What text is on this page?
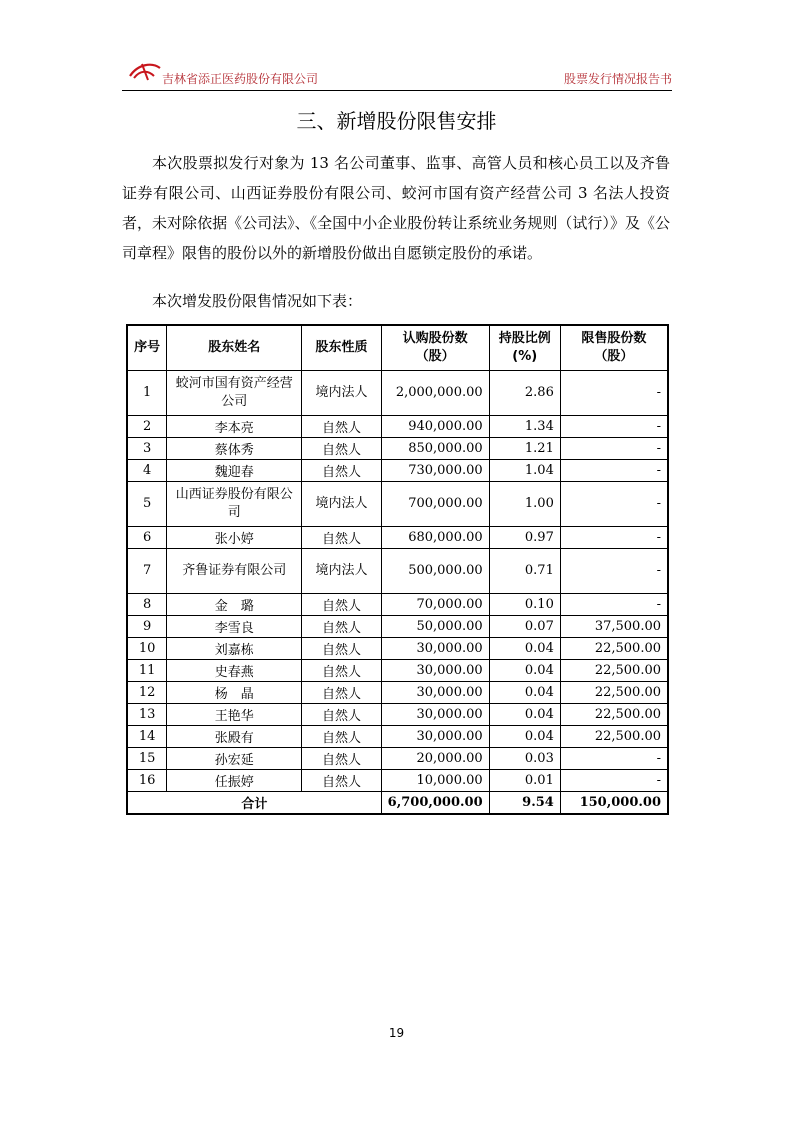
吉林省添正医药股份有限公司	股票发行情况报告书
三、新增股份限售安排
本次股票拟发行对象为 13 名公司董事、监事、高管人员和核心员工以及齐鲁证券有限公司、山西证券股份有限公司、蛟河市国有资产经营公司 3 名法人投资者，未对除依据《公司法》、《全国中小企业股份转让系统业务规则（试行）》及《公司章程》限售的股份以外的新增股份做出自愿锁定股份的承诺。
本次增发股份限售情况如下表：
序号	股东姓名	股东性质	认购股份数（股）	持股比例(%)	限售股份数（股）
1	蛟河市国有资产经营公司	境内法人	2,000,000.00	2.86	-
2	李本亮	自然人	940,000.00	1.34	-
3	蔡体秀	自然人	850,000.00	1.21	-
4	魏迎春	自然人	730,000.00	1.04	-
5	山西证券股份有限公司	境内法人	700,000.00	1.00	-
6	张小婷	自然人	680,000.00	0.97	-
7	齐鲁证券有限公司	境内法人	500,000.00	0.71	-
8	金　璐	自然人	70,000.00	0.10	-
9	李雪良	自然人	50,000.00	0.07	37,500.00
10	刘嘉栋	自然人	30,000.00	0.04	22,500.00
11	史春燕	自然人	30,000.00	0.04	22,500.00
12	杨　晶	自然人	30,000.00	0.04	22,500.00
13	王艳华	自然人	30,000.00	0.04	22,500.00
14	张殿有	自然人	30,000.00	0.04	22,500.00
15	孙宏延	自然人	20,000.00	0.03	-
16	任振婷	自然人	10,000.00	0.01	-
合计			6,700,000.00	9.54	150,000.00
19
